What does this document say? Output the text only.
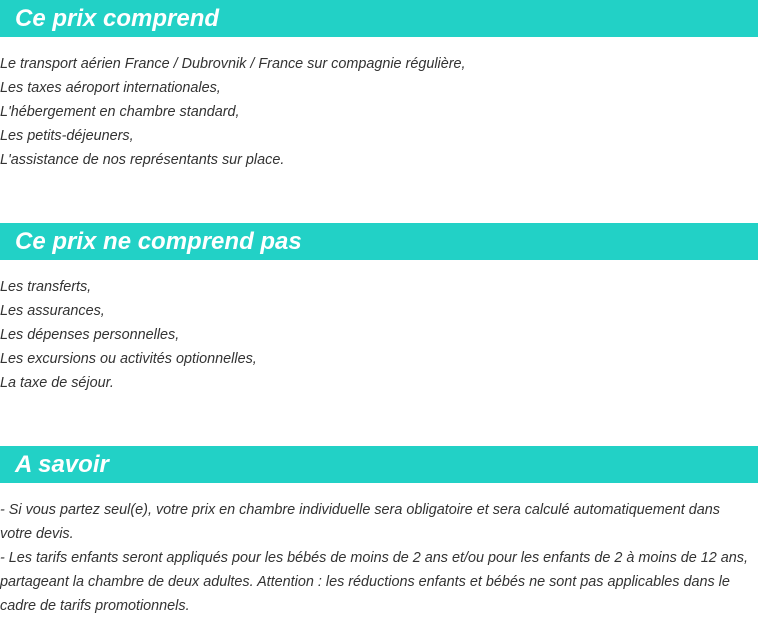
Ce prix comprend
Le transport aérien France / Dubrovnik / France sur compagnie régulière,
Les taxes aéroport internationales,
L'hébergement en chambre standard,
Les petits-déjeuners,
L'assistance de nos représentants sur place.
Ce prix ne comprend pas
Les transferts,
Les assurances,
Les dépenses personnelles,
Les excursions ou activités optionnelles,
La taxe de séjour.
A savoir
- Si vous partez seul(e), votre prix en chambre individuelle sera obligatoire et sera calculé automatiquement dans votre devis.
- Les tarifs enfants seront appliqués pour les bébés de moins de 2 ans et/ou pour les enfants de 2 à moins de 12 ans, partageant la chambre de deux adultes. Attention : les réductions enfants et bébés ne sont pas applicables dans le cadre de tarifs promotionnels.
